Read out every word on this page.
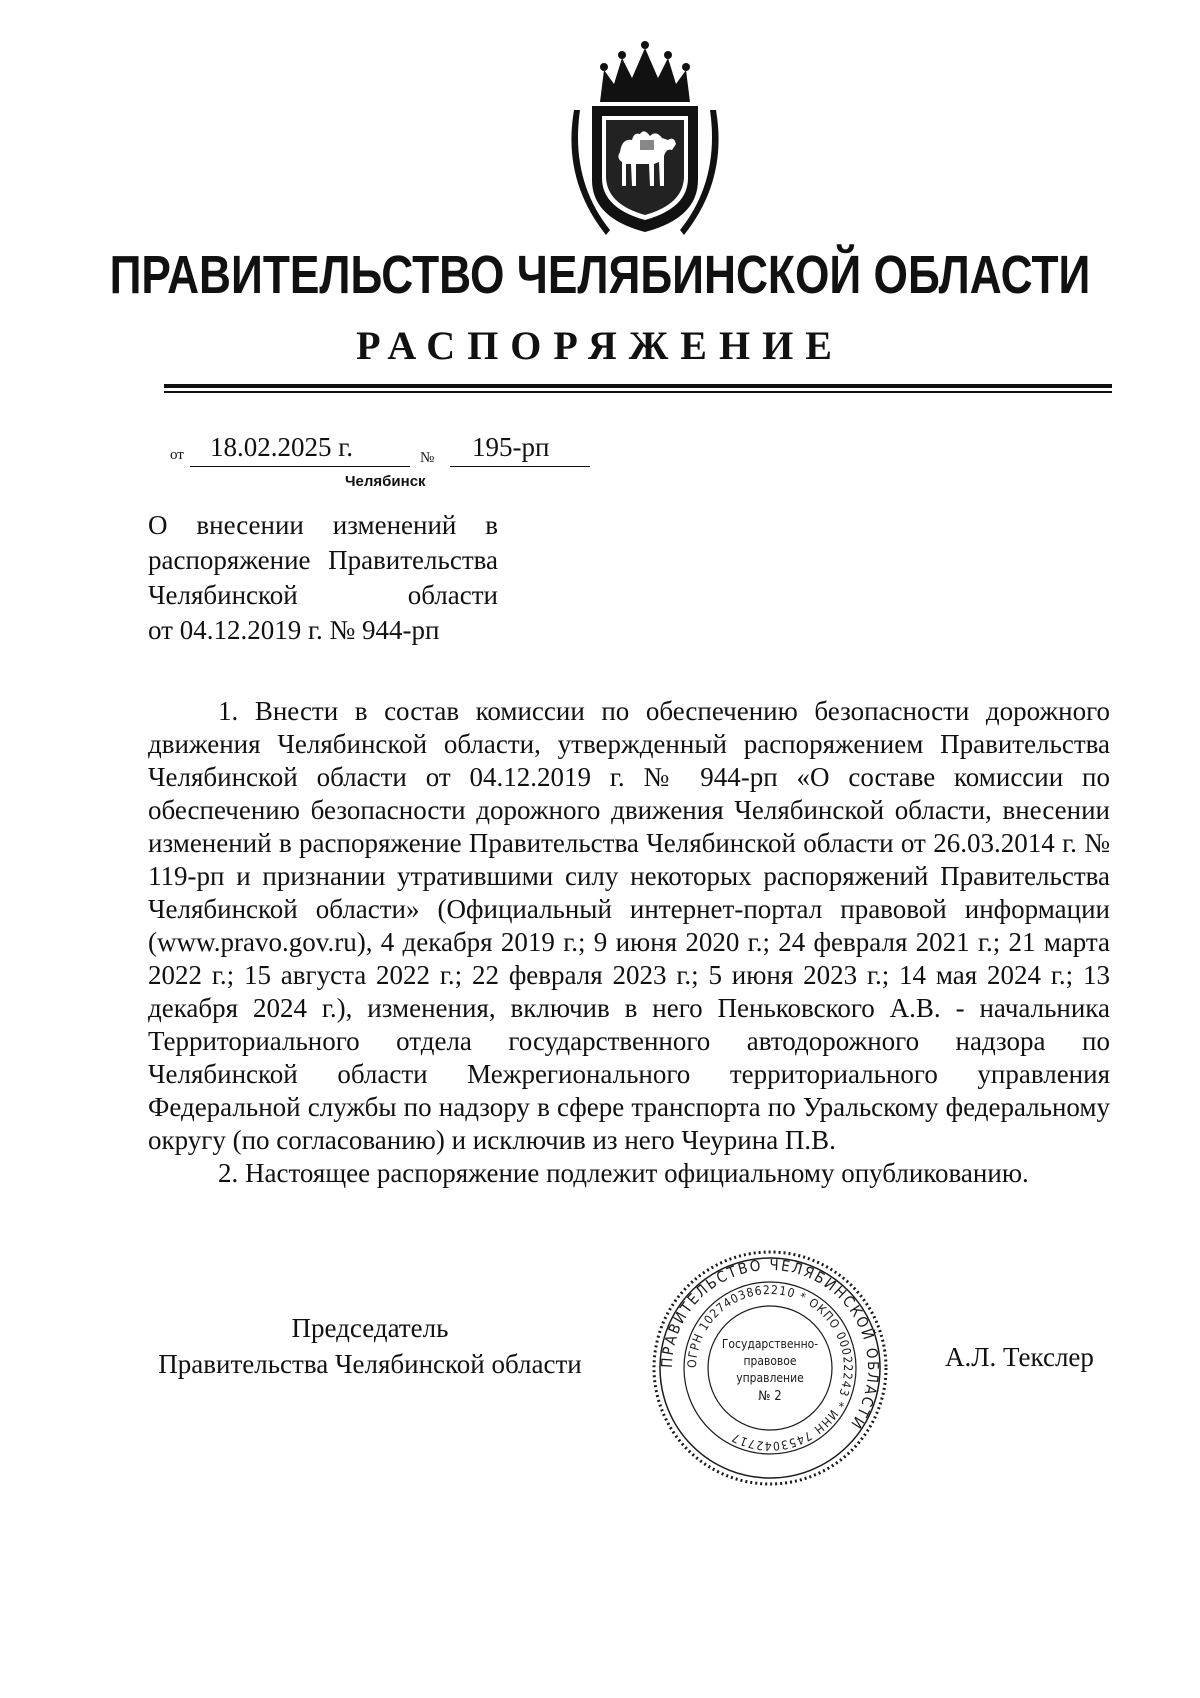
ПРАВИТЕЛЬСТВО ЧЕЛЯБИНСКОЙ ОБЛАСТИ
РАСПОРЯЖЕНИЕ
от 18.02.2025 г.	№ 195-рп
Челябинск
О внесении изменений в
распоряжение Правительства
Челябинской области
от 04.12.2019 г. № 944-рп

1. Внести в состав комиссии по обеспечению безопасности дорожного движения Челябинской области, утвержденный распоряжением Правительства Челябинской области от 04.12.2019 г. № 944-рп «О составе комиссии по обеспечению безопасности дорожного движения Челябинской области, внесении изменений в распоряжение Правительства Челябинской области от 26.03.2014 г. № 119-рп и признании утратившими силу некоторых распоряжений Правительства Челябинской области» (Официальный интернет-портал правовой информации (www.pravo.gov.ru), 4 декабря 2019 г.; 9 июня 2020 г.; 24 февраля 2021 г.; 21 марта 2022 г.; 15 августа 2022 г.; 22 февраля 2023 г.; 5 июня 2023 г.; 14 мая 2024 г.; 13 декабря 2024 г.), изменения, включив в него Пеньковского А.В. - начальника Территориального отдела государственного автодорожного надзора по Челябинской области Межрегионального территориального управления Федеральной службы по надзору в сфере транспорта по Уральскому федеральному округу (по согласованию) и исключив из него Чеурина П.В.

2. Настоящее распоряжение подлежит официальному опубликованию.

Председатель
Правительства Челябинской области	ПРАВИТЕЛЬСТВО ЧЕЛЯБИНСКОЙ ОБЛАСТИ
ОГРН 1027403862210 * ОКПО 00022243 * ИНН 7453042717
Государственно-
правовое
управление
№ 2
А.Л. Текслер
